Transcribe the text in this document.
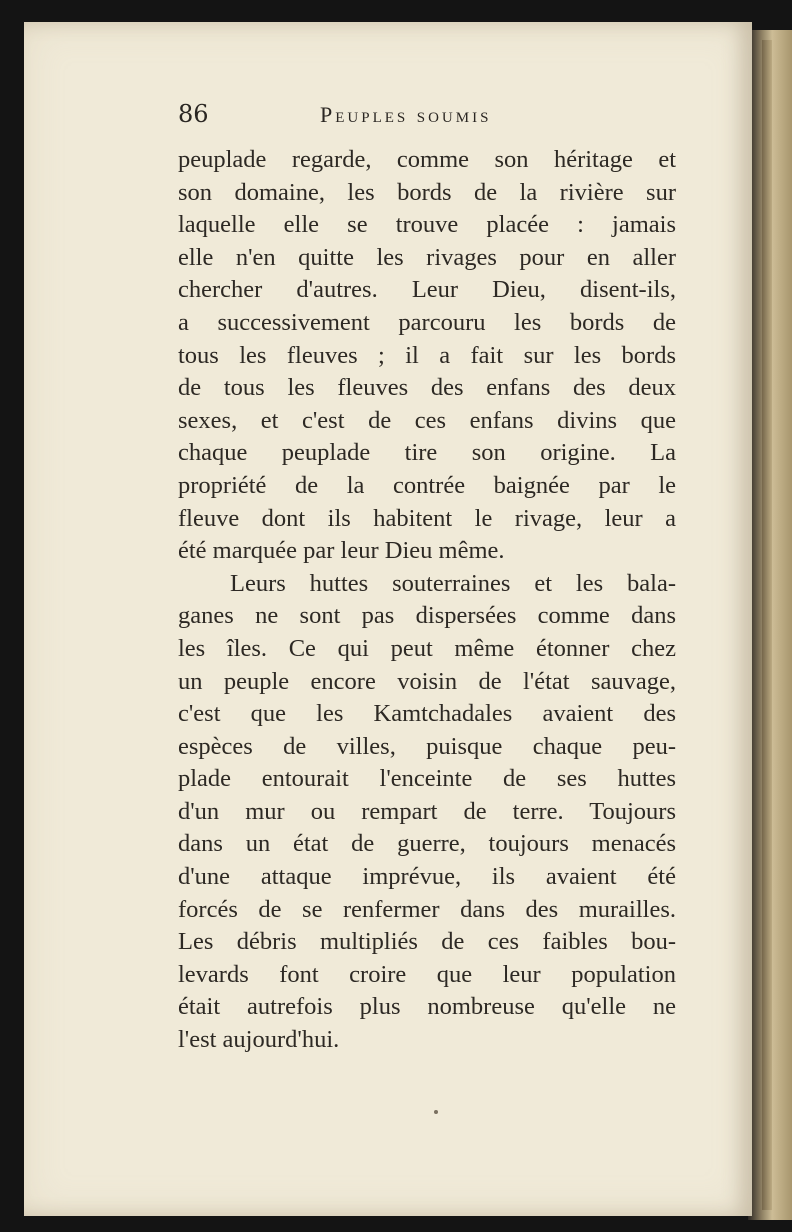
86	Peuples soumis
peuplade regarde, comme son héritage et
son domaine, les bords de la rivière sur
laquelle elle se trouve placée : jamais
elle n'en quitte les rivages pour en aller
chercher d'autres. Leur Dieu, disent-ils,
a successivement parcouru les bords de
tous les fleuves ; il a fait sur les bords
de tous les fleuves des enfans des deux
sexes, et c'est de ces enfans divins que
chaque peuplade tire son origine. La
propriété de la contrée baignée par le
fleuve dont ils habitent le rivage, leur a
été marquée par leur Dieu même.
Leurs huttes souterraines et les bala-
ganes ne sont pas dispersées comme dans
les îles. Ce qui peut même étonner chez
un peuple encore voisin de l'état sauvage,
c'est que les Kamtchadales avaient des
espèces de villes, puisque chaque peu-
plade entourait l'enceinte de ses huttes
d'un mur ou rempart de terre. Toujours
dans un état de guerre, toujours menacés
d'une attaque imprévue, ils avaient été
forcés de se renfermer dans des murailles.
Les débris multipliés de ces faibles bou-
levards font croire que leur population
était autrefois plus nombreuse qu'elle ne
l'est aujourd'hui.
